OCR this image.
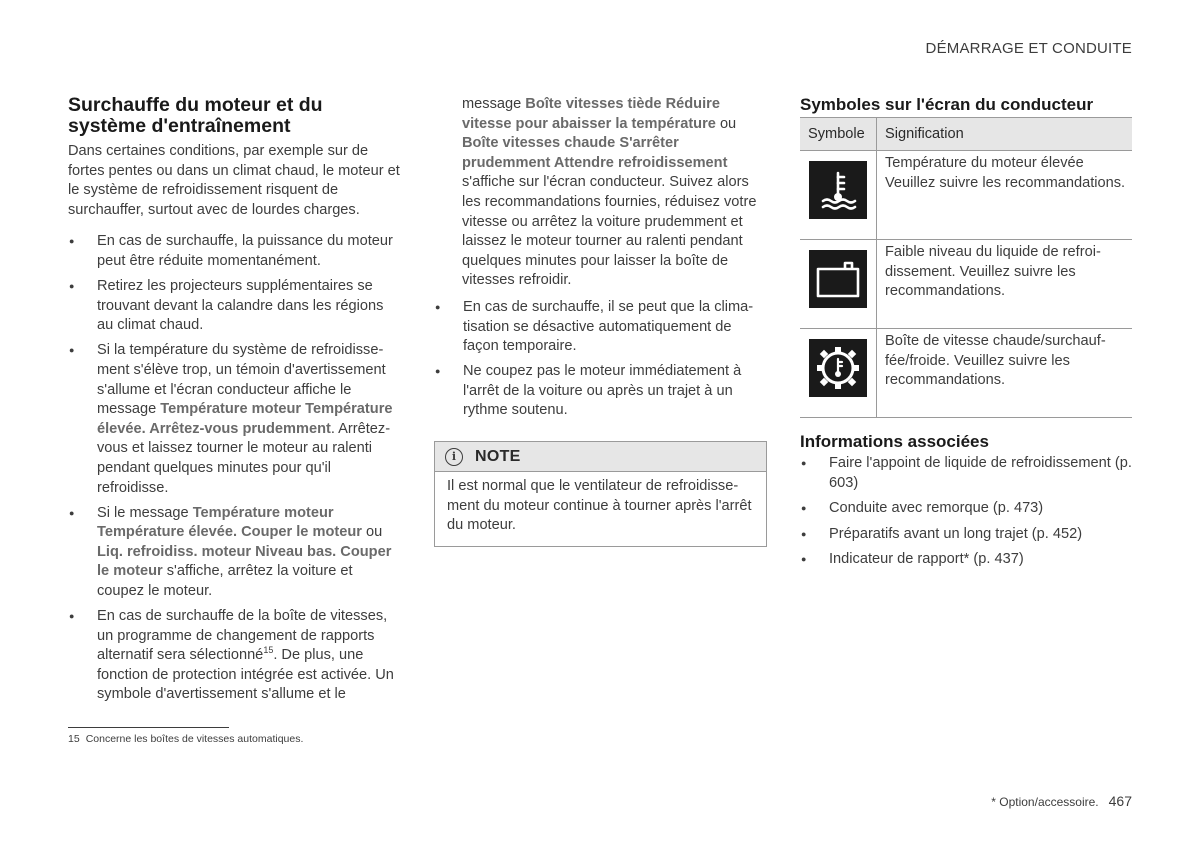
DÉMARRAGE ET CONDUITE
Surchauffe du moteur et du
système d'entraînement

Dans certaines conditions, par exemple sur de fortes pentes ou dans un climat chaud, le moteur et le système de refroidissement risquent de surchauffer, surtout avec de lourdes charges.

● En cas de surchauffe, la puissance du moteur peut être réduite momentanément.
● Retirez les projecteurs supplémentaires se trouvant devant la calandre dans les régions au climat chaud.
● Si la température du système de refroidissement s'élève trop, un témoin d'avertissement s'allume et l'écran conducteur affiche le message Température moteur Température élevée. Arrêtez-vous prudemment. Arrêtez-vous et laissez tourner le moteur au ralenti pendant quelques minutes pour qu'il refroidisse.
● Si le message Température moteur Température élevée. Couper le moteur ou Liq. refroidiss. moteur Niveau bas. Couper le moteur s'affiche, arrêtez la voiture et coupez le moteur.
● En cas de surchauffe de la boîte de vitesses, un programme de changement de rapports alternatif sera sélectionné$^{15}$. De plus, une fonction de protection intégrée est activée. Un symbole d'avertissement s'allume et le

message Boîte vitesses tiède Réduire vitesse pour abaisser la température ou Boîte vitesses chaude S'arrêter prudemment Attendre refroidissement s'affiche sur l'écran conducteur. Suivez alors les recommandations fournies, réduisez votre vitesse ou arrêtez la voiture prudemment et laissez le moteur tourner au ralenti pendant quelques minutes pour laisser la boîte de vitesses refroidir.

● En cas de surchauffe, il se peut que la climatisation se désactive automatiquement de façon temporaire.
● Ne coupez pas le moteur immédiatement à l'arrêt de la voiture ou après un trajet à un rythme soutenu.
i	NOTE
Il est normal que le ventilateur de refroidissement du moteur continue à tourner après l'arrêt du moteur.
Symboles sur l'écran du conducteur
Symbole	Signification

	Température du moteur élevée Veuillez suivre les recommandations.

	Faible niveau du liquide de refroidissement. Veuillez suivre les recommandations.

	Boîte de vitesse chaude/surchauffée/froide. Veuillez suivre les recommandations.
Informations associées
● Faire l'appoint de liquide de refroidissement (p. 603)
● Conduite avec remorque (p. 473)
● Préparatifs avant un long trajet (p. 452)
● Indicateur de rapport* (p. 437)
15 Concerne les boîtes de vitesses automatiques.
* Option/accessoire. 467
